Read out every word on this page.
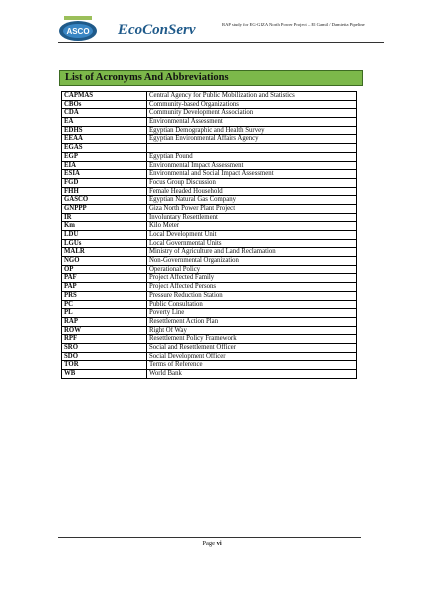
ASCO EcoConServ	RAP study for EG-GIZA North Power Project – El Gamil / Damietta Pipeline
List of Acronyms And Abbreviations
CAPMAS	Central Agency for Public Mobilization and Statistics
CBOs	Community-based Organizations
CDA	Community Development Association
EA	Environmental Assessment
EDHS	Egyptian Demographic and Health Survey
EEAA	Egyptian Environmental Affairs Agency
EGAS	
EGP	Egyptian Pound
EIA	Environmental Impact Assessment
ESIA	Environmental and Social Impact Assessment
FGD	Focus Group Discussion
FHH	Female Headed Household
GASCO	Egyptian Natural Gas Company
GNPPP	Giza North Power Plant Project
IR	Involuntary Resettlement
Km	Kilo Meter
LDU	Local Development Unit
LGUs	Local Governmental Units
MALR	Ministry of Agriculture and Land Reclamation
NGO	Non-Governmental Organization
OP	Operational Policy
PAF	Project Affected Family
PAP	Project Affected Persons
PRS	Pressure Reduction Station
PC	Public Consultation
PL	Poverty Line
RAP	Resettlement Action Plan
ROW	Right Of Way
RPF	Resettlement Policy Framework
SRO	Social and Resettlement Officer
SDO	Social Development Officer
TOR	Terms of Reference
WB	World Bank
Page vi
